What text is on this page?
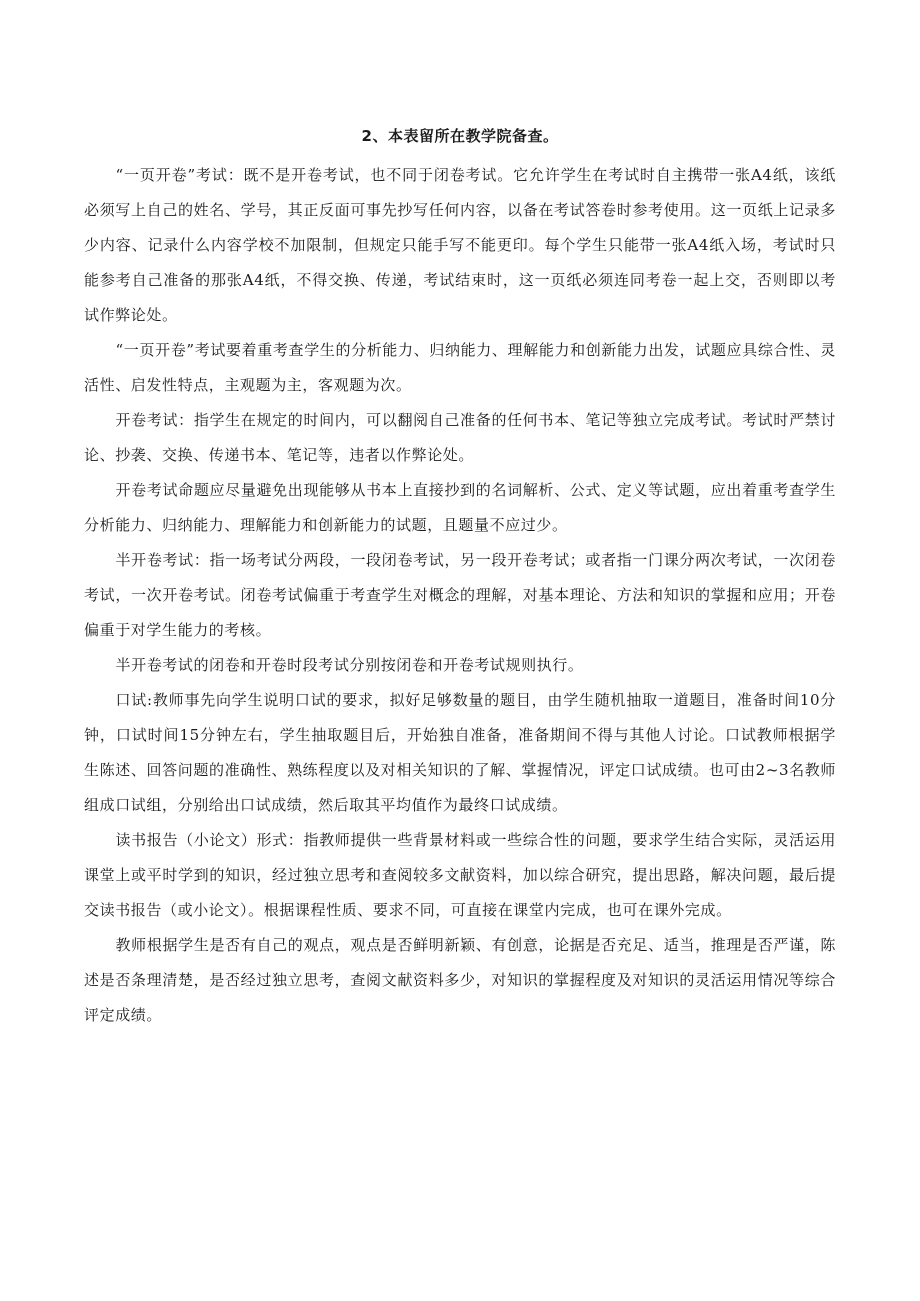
2、本表留所在教学院备查。

“一页开卷”考试：既不是开卷考试，也不同于闭卷考试。它允许学生在考试时自主携带一张A4纸，该纸必须写上自己的姓名、学号，其正反面可事先抄写任何内容，以备在考试答卷时参考使用。这一页纸上记录多少内容、记录什么内容学校不加限制，但规定只能手写不能更印。每个学生只能带一张A4纸入场，考试时只能参考自己准备的那张A4纸，不得交换、传递，考试结束时，这一页纸必须连同考卷一起上交，否则即以考试作弊论处。

“一页开卷”考试要着重考查学生的分析能力、归纳能力、理解能力和创新能力出发，试题应具综合性、灵活性、启发性特点，主观题为主，客观题为次。

开卷考试：指学生在规定的时间内，可以翻阅自己准备的任何书本、笔记等独立完成考试。考试时严禁讨论、抄袭、交换、传递书本、笔记等，违者以作弊论处。

开卷考试命题应尽量避免出现能够从书本上直接抄到的名词解析、公式、定义等试题，应出着重考查学生分析能力、归纳能力、理解能力和创新能力的试题，且题量不应过少。

半开卷考试：指一场考试分两段，一段闭卷考试，另一段开卷考试；或者指一门课分两次考试，一次闭卷考试，一次开卷考试。闭卷考试偏重于考查学生对概念的理解，对基本理论、方法和知识的掌握和应用；开卷偏重于对学生能力的考核。

半开卷考试的闭卷和开卷时段考试分别按闭卷和开卷考试规则执行。

口试:教师事先向学生说明口试的要求，拟好足够数量的题目，由学生随机抽取一道题目，准备时间10分钟，口试时间15分钟左右，学生抽取题目后，开始独自准备，准备期间不得与其他人讨论。口试教师根据学生陈述、回答问题的准确性、熟练程度以及对相关知识的了解、掌握情况，评定口试成绩。也可由2~3名教师组成口试组，分别给出口试成绩，然后取其平均值作为最终口试成绩。

读书报告（小论文）形式：指教师提供一些背景材料或一些综合性的问题，要求学生结合实际，灵活运用课堂上或平时学到的知识，经过独立思考和查阅较多文献资料，加以综合研究，提出思路，解决问题，最后提交读书报告（或小论文）。根据课程性质、要求不同，可直接在课堂内完成，也可在课外完成。

教师根据学生是否有自己的观点，观点是否鲜明新颖、有创意，论据是否充足、适当，推理是否严谨，陈述是否条理清楚，是否经过独立思考，查阅文献资料多少，对知识的掌握程度及对知识的灵活运用情况等综合评定成绩。
